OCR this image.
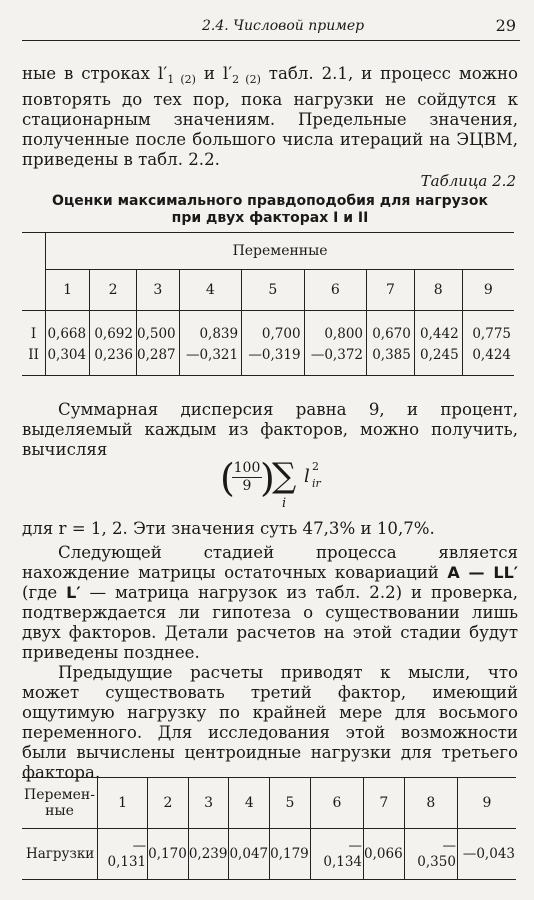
2.4. Числовой пример	29

ные в строках $l'_{1 (2)}$ и $l'_{2 (2)}$ табл. 2.1, и процесс можно повторять до тех пор, пока нагрузки не сойдутся к стационарным значениям. Предельные значения, полученные после большого числа итераций на ЭЦВМ, приведены в табл. 2.2.

Таблица 2.2
Оценки максимального правдоподобия для нагрузок
при двух факторах I и II
	Переменные								
	1	2	3	4	5	6	7	8	9
I	0,668	0,692	0,500	0,839	0,700	0,800	0,670	0,442	0,775
II	0,304	0,236	0,287	—0,321	—0,319	—0,372	0,385	0,245	0,424

Суммарная дисперсия равна 9, и процент, выделяемый каждым из факторов, можно получить, вычисляя

(
$\frac{100}{9}$
)
∑
i
l 2
ir

для r = 1, 2. Эти значения суть 47,3% и 10,7%.

Следующей стадией процесса является нахождение матрицы остаточных ковариаций A — LL′ (где L′ — матрица нагрузок из табл. 2.2) и проверка, подтверждается ли гипотеза о существовании лишь двух факторов. Детали расчетов на этой стадии будут приведены позднее.

Предыдущие расчеты приводят к мысли, что может существовать третий фактор, имеющий ощутимую нагрузку по крайней мере для восьмого переменного. Для исследования этой возможности были вычислены центроидные нагрузки для третьего фактора.

Перемен-
ные	1	2	3	4	5	6	7	8	9
Нагрузки	—0,131	0,170	0,239	0,047	0,179	—0,134	0,066	—0,350	—0,043
